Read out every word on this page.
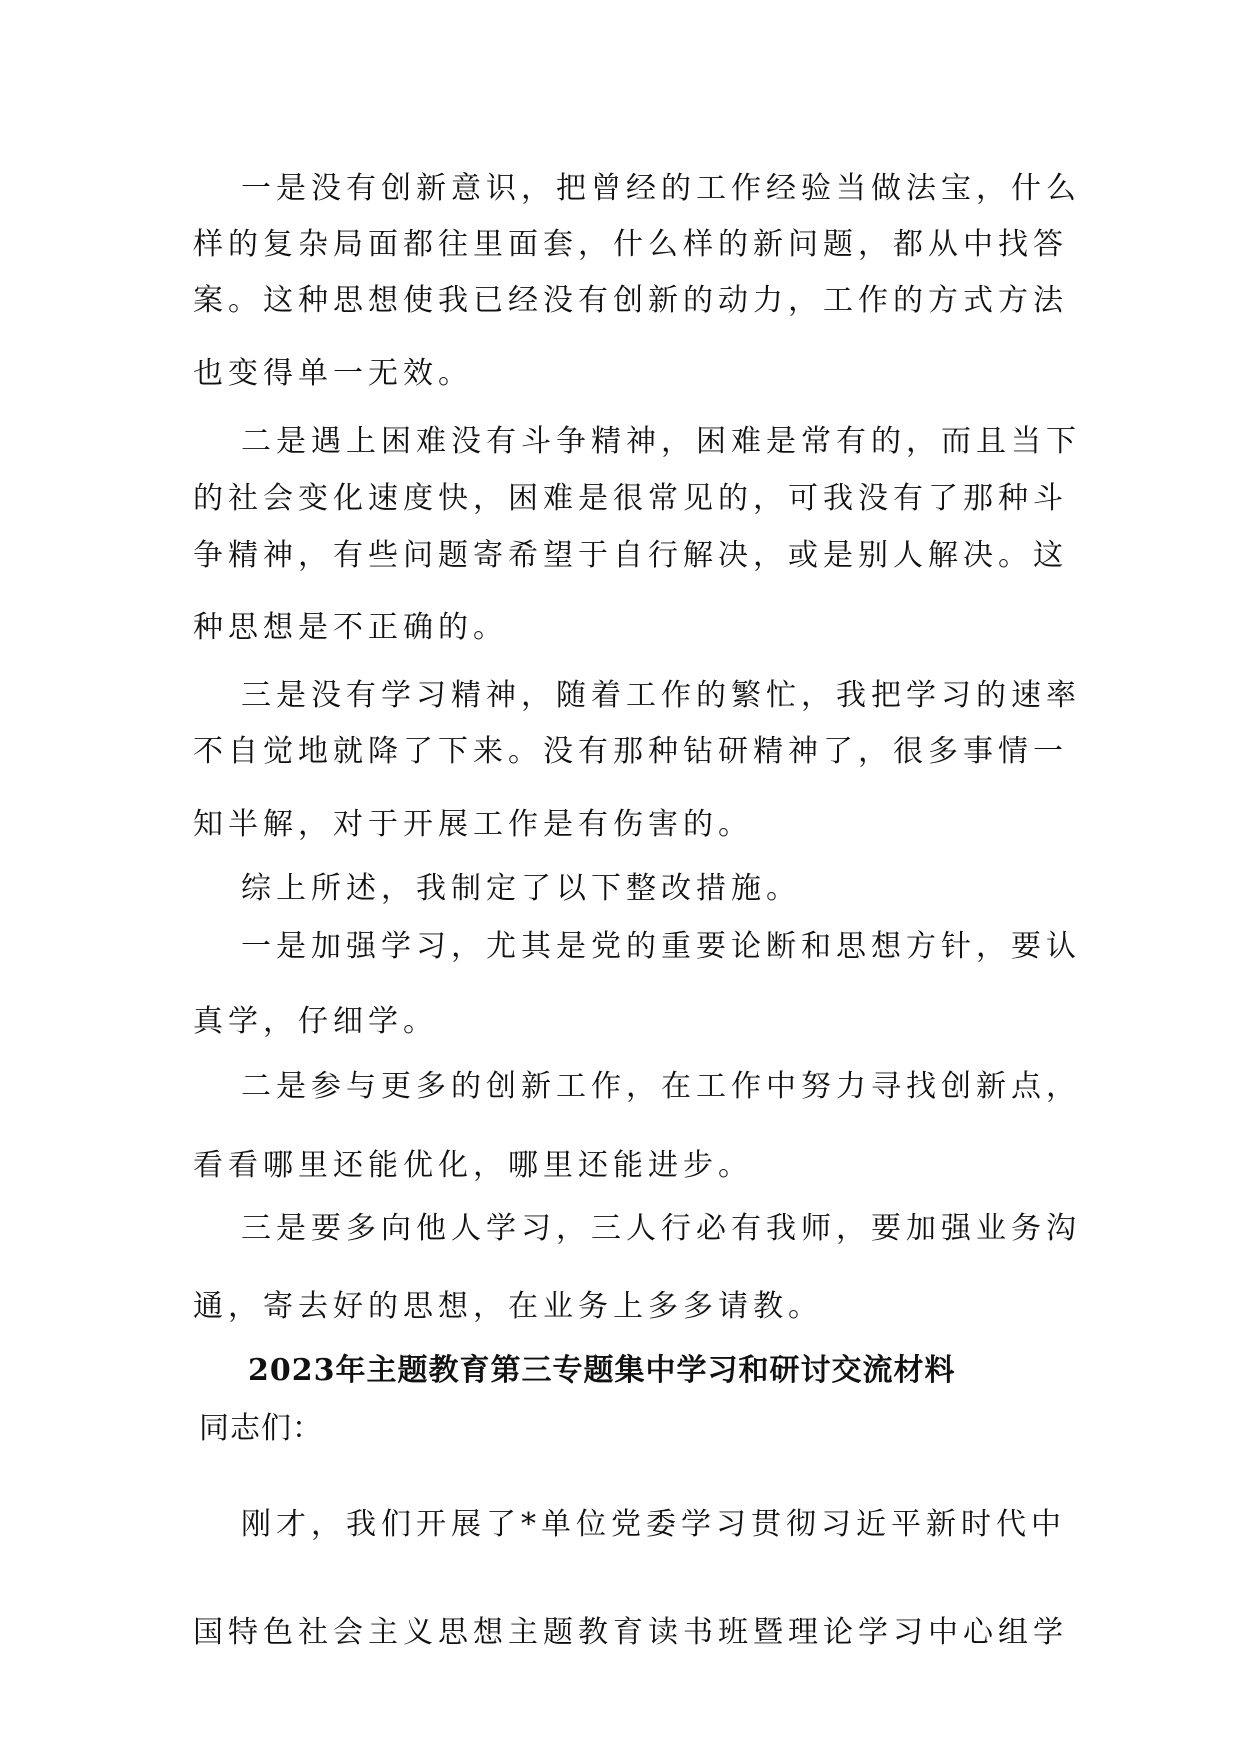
一是没有创新意识，把曾经的工作经验当做法宝，什么
样的复杂局面都往里面套，什么样的新问题，都从中找答
案。这种思想使我已经没有创新的动力，工作的方式方法
也变得单一无效。
二是遇上困难没有斗争精神，困难是常有的，而且当下
的社会变化速度快，困难是很常见的，可我没有了那种斗
争精神，有些问题寄希望于自行解决，或是别人解决。这
种思想是不正确的。
三是没有学习精神，随着工作的繁忙，我把学习的速率
不自觉地就降了下来。没有那种钻研精神了，很多事情一
知半解，对于开展工作是有伤害的。
综上所述，我制定了以下整改措施。
一是加强学习，尤其是党的重要论断和思想方针，要认
真学，仔细学。
二是参与更多的创新工作，在工作中努力寻找创新点，
看看哪里还能优化，哪里还能进步。
三是要多向他人学习，三人行必有我师，要加强业务沟
通，寄去好的思想，在业务上多多请教。
2023年主题教育第三专题集中学习和研讨交流材料
同志们：
刚才，我们开展了*单位党委学习贯彻习近平新时代中
国特色社会主义思想主题教育读书班暨理论学习中心组学
